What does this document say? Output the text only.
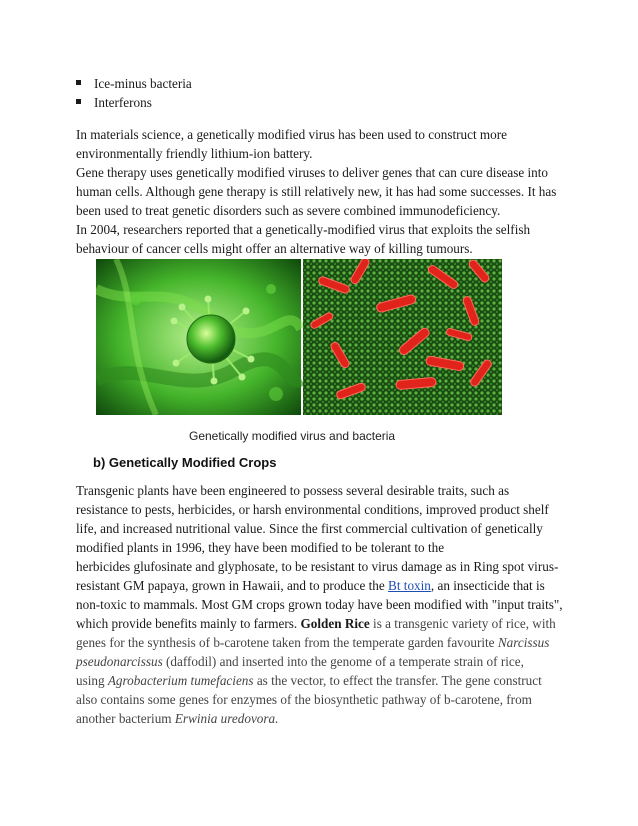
Ice-minus bacteria
Interferons

In materials science, a genetically modified virus has been used to construct more
environmentally friendly lithium-ion battery.

Gene therapy uses genetically modified viruses to deliver genes that can cure disease into
human cells. Although gene therapy is still relatively new, it has had some successes. It has
been used to treat genetic disorders such as severe combined immunodeficiency.

In 2004, researchers reported that a genetically-modified virus that exploits the selfish
behaviour of cancer cells might offer an alternative way of killing tumours.

Genetically modified virus and bacteria
b) Genetically Modified Crops

Transgenic plants have been engineered to possess several desirable traits, such as
resistance to pests, herbicides, or harsh environmental conditions, improved product shelf
life, and increased nutritional value. Since the first commercial cultivation of genetically
modified plants in 1996, they have been modified to be tolerant to the
herbicides glufosinate and glyphosate, to be resistant to virus damage as in Ring spot virus-
resistant GM papaya, grown in Hawaii, and to produce the Bt toxin, an insecticide that is
non-toxic to mammals. Most GM crops grown today have been modified with "input traits",
which provide benefits mainly to farmers. Golden Rice is a transgenic variety of rice, with
genes for the synthesis of b-carotene taken from the temperate garden favourite Narcissus
pseudonarcissus (daffodil) and inserted into the genome of a temperate strain of rice,
using Agrobacterium tumefaciens as the vector, to effect the transfer. The gene construct
also contains some genes for enzymes of the biosynthetic pathway of b-carotene, from
another bacterium Erwinia uredovora.
